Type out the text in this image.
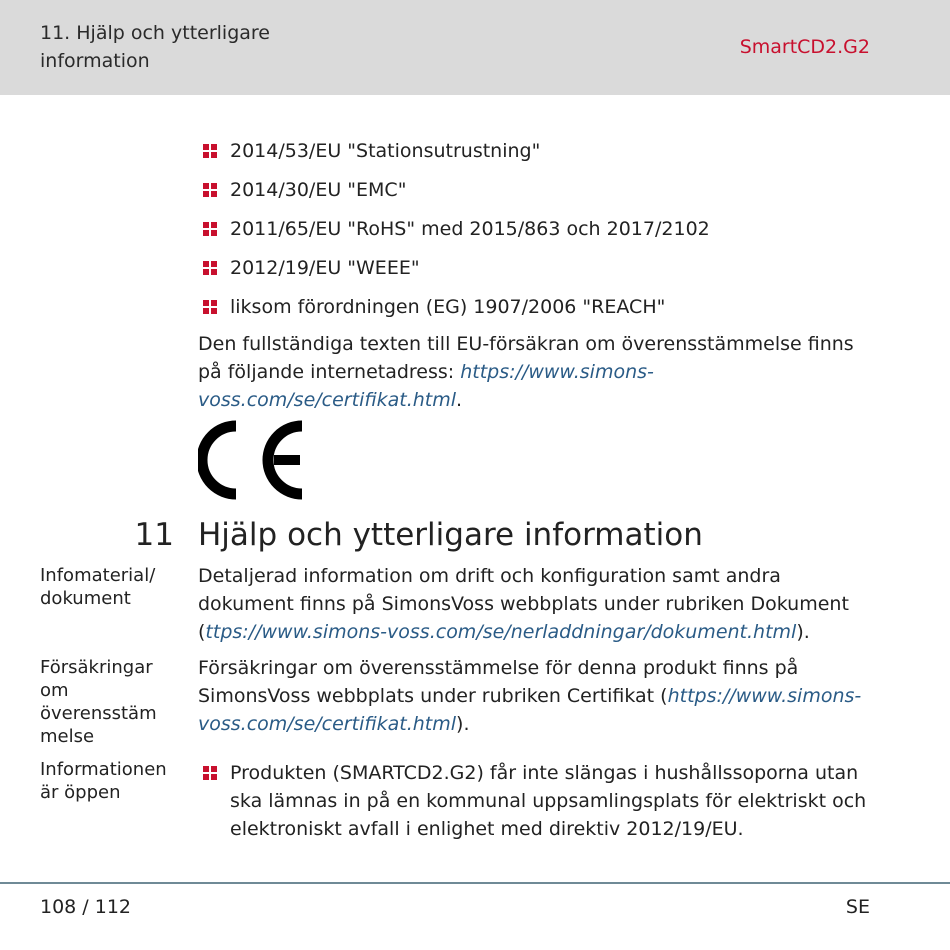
11. Hjälp och ytterligare information
SmartCD2.G2
2014/53/EU "Stationsutrustning"
2014/30/EU "EMC"
2011/65/EU "RoHS" med 2015/863 och 2017/2102
2012/19/EU "WEEE"
liksom förordningen (EG) 1907/2006 "REACH"

Den fullständiga texten till EU-försäkran om överensstämmelse finns på följande internetadress: https://www.simons-voss.com/se/certifikat.html.

11 Hjälp och ytterligare information
Infomaterial/ dokument

Detaljerad information om drift och konfiguration samt andra dokument finns på SimonsVoss webbplats under rubriken Dokument (ttps://www.simons-voss.com/se/nerladdningar/dokument.html).

Försäkringar om överensstäm melse

Försäkringar om överensstämmelse för denna produkt finns på SimonsVoss webbplats under rubriken Certifikat (https://www.simons-voss.com/se/certifikat.html).

Informationen är öppen
Produkten (SMARTCD2.G2) får inte slängas i hushållssoporna utan ska lämnas in på en kommunal uppsamlingsplats för elektriskt och elektroniskt avfall i enlighet med direktiv 2012/19/EU.
108 / 112	SE
